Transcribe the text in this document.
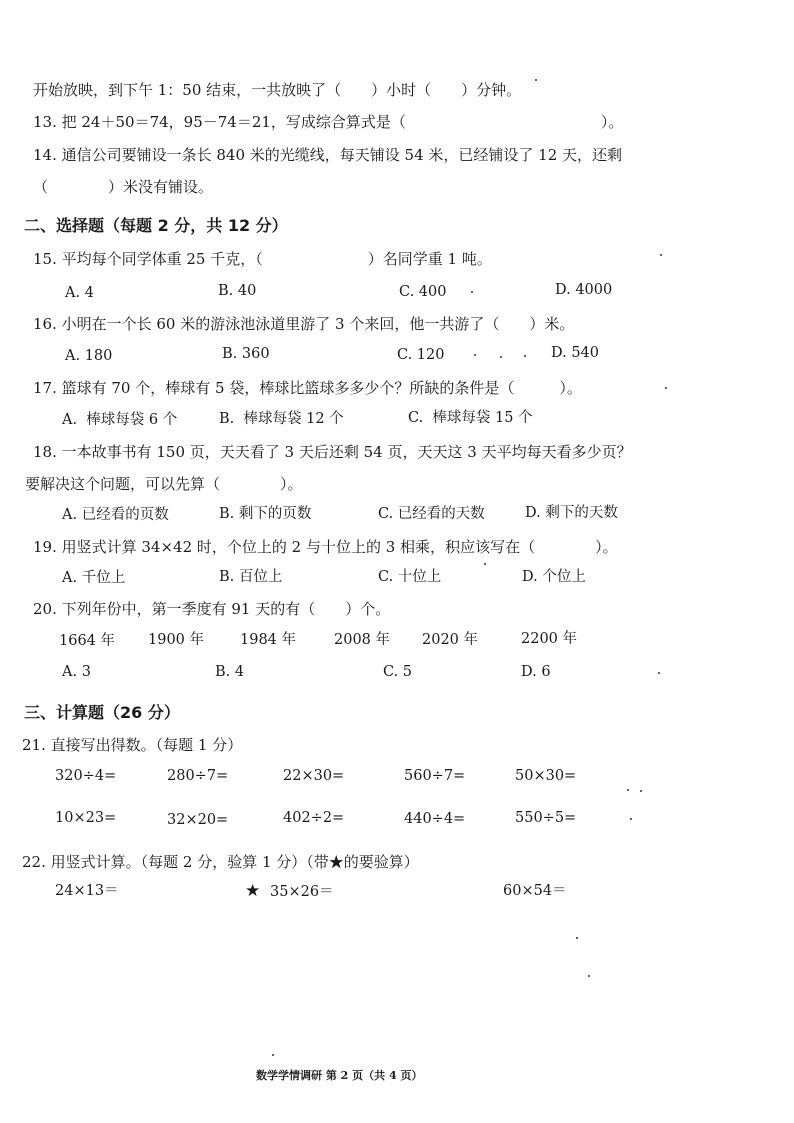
开始放映，到下午 1：50 结束，一共放映了（　　）小时（　　）分钟。
13. 把 24＋50＝74，95－74＝21，写成综合算式是（　　　　　　　　　　　　　）。
14. 通信公司要铺设一条长 840 米的光缆线，每天铺设 54 米，已经铺设了 12 天，还剩
（　　　　）米没有铺设。
二、选择题（每题 2 分，共 12 分）
15. 平均每个同学体重 25 千克，（　　　　　　　）名同学重 1 吨。
A. 4	B. 40	C. 400	D. 4000
16. 小明在一个长 60 米的游泳池泳道里游了 3 个来回，他一共游了（　　）米。
A. 180	B. 360	C. 120	D. 540
17. 篮球有 70 个，棒球有 5 袋，棒球比篮球多多少个？所缺的条件是（　　　）。
A.  棒球每袋 6 个	B.  棒球每袋 12 个	C.  棒球每袋 15 个
18. 一本故事书有 150 页，天天看了 3 天后还剩 54 页，天天这 3 天平均每天看多少页？
要解决这个问题，可以先算（　　　　）。
A. 已经看的页数	B. 剩下的页数	C. 已经看的天数	D. 剩下的天数
19. 用竖式计算 34×42 时，个位上的 2 与十位上的 3 相乘，积应该写在（　　　　）。
A. 千位上	B. 百位上	C. 十位上	D. 个位上
20. 下列年份中，第一季度有 91 天的有（　　）个。
1664 年 1900 年 1984 年	2008 年 2020 年	2200 年
A. 3	B. 4	C. 5	D. 6
三、计算题（26 分）
21. 直接写出得数。（每题 1 分）
320÷4=	280÷7=	22×30=	560÷7=	50×30=
10×23=	32×20=	402÷2=	440÷4=	550÷5=
22. 用竖式计算。（每题 2 分，验算 1 分）（带★的要验算）
24×13＝	★ 35×26＝	60×54＝
数学学情调研 第 2 页（共 4 页）
